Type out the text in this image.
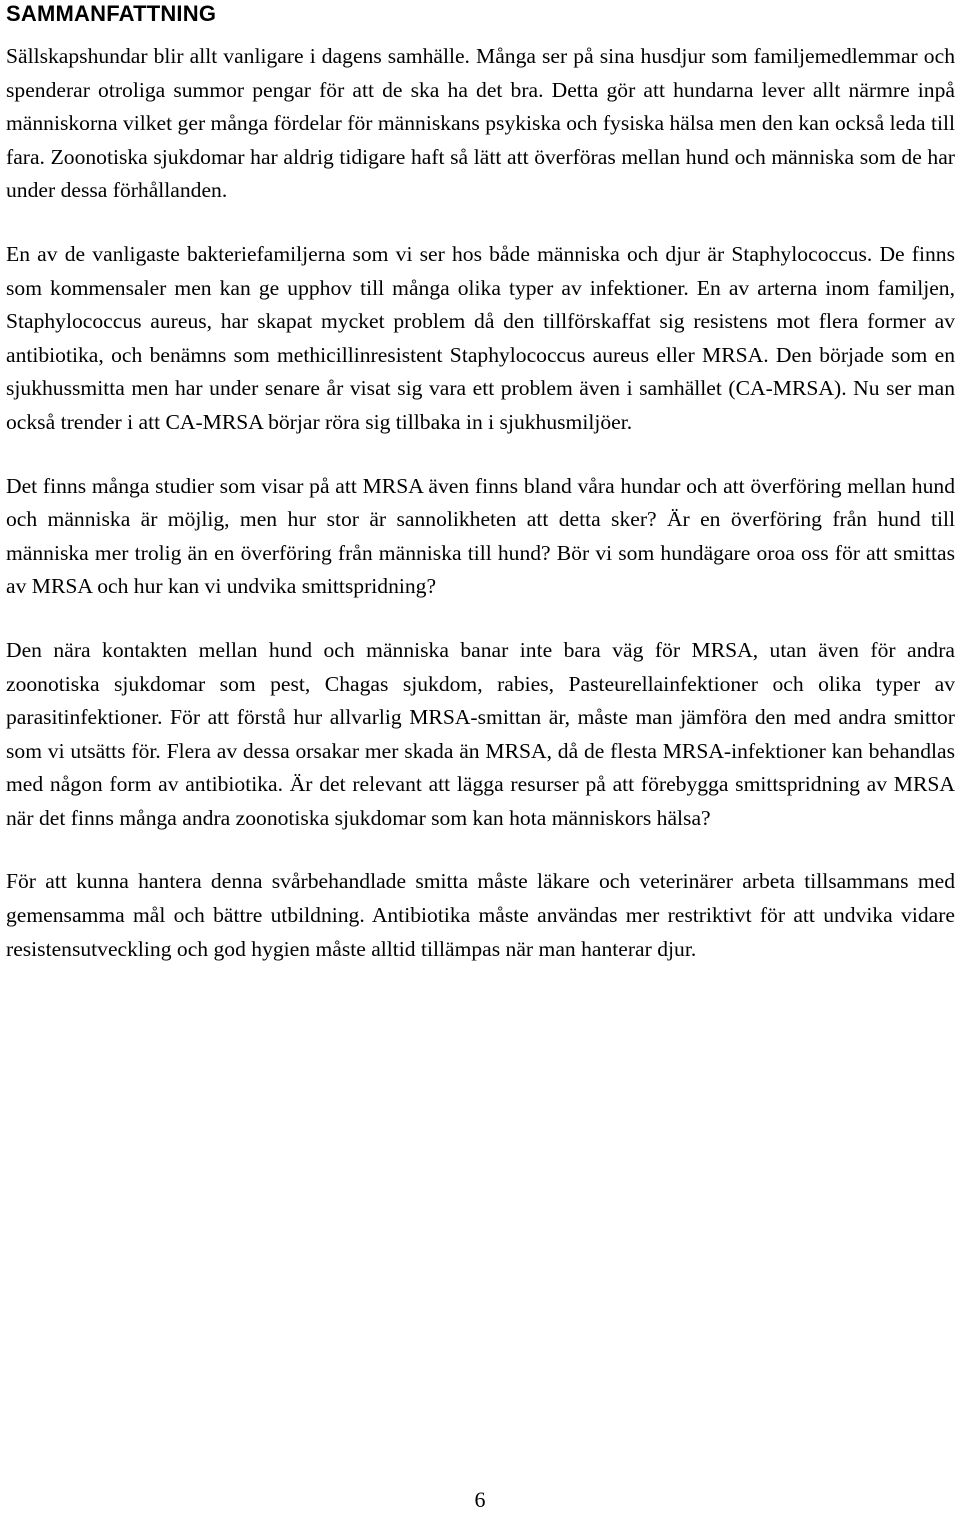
SAMMANFATTNING

Sällskapshundar blir allt vanligare i dagens samhälle. Många ser på sina husdjur som familjemedlemmar och spenderar otroliga summor pengar för att de ska ha det bra. Detta gör att hundarna lever allt närmre inpå människorna vilket ger många fördelar för människans psykiska och fysiska hälsa men den kan också leda till fara. Zoonotiska sjukdomar har aldrig tidigare haft så lätt att överföras mellan hund och människa som de har under dessa förhållanden.

En av de vanligaste bakteriefamiljerna som vi ser hos både människa och djur är Staphylococcus. De finns som kommensaler men kan ge upphov till många olika typer av infektioner. En av arterna inom familjen, Staphylococcus aureus, har skapat mycket problem då den tillförskaffat sig resistens mot flera former av antibiotika, och benämns som methicillinresistent Staphylococcus aureus eller MRSA. Den började som en sjukhussmitta men har under senare år visat sig vara ett problem även i samhället (CA-MRSA). Nu ser man också trender i att CA-MRSA börjar röra sig tillbaka in i sjukhusmiljöer.

Det finns många studier som visar på att MRSA även finns bland våra hundar och att överföring mellan hund och människa är möjlig, men hur stor är sannolikheten att detta sker? Är en överföring från hund till människa mer trolig än en överföring från människa till hund? Bör vi som hundägare oroa oss för att smittas av MRSA och hur kan vi undvika smittspridning?

Den nära kontakten mellan hund och människa banar inte bara väg för MRSA, utan även för andra zoonotiska sjukdomar som pest, Chagas sjukdom, rabies, Pasteurellainfektioner och olika typer av parasitinfektioner. För att förstå hur allvarlig MRSA-smittan är, måste man jämföra den med andra smittor som vi utsätts för. Flera av dessa orsakar mer skada än MRSA, då de flesta MRSA-infektioner kan behandlas med någon form av antibiotika. Är det relevant att lägga resurser på att förebygga smittspridning av MRSA när det finns många andra zoonotiska sjukdomar som kan hota människors hälsa?

För att kunna hantera denna svårbehandlade smitta måste läkare och veterinärer arbeta tillsammans med gemensamma mål och bättre utbildning. Antibiotika måste användas mer restriktivt för att undvika vidare resistensutveckling och god hygien måste alltid tillämpas när man hanterar djur.

6
